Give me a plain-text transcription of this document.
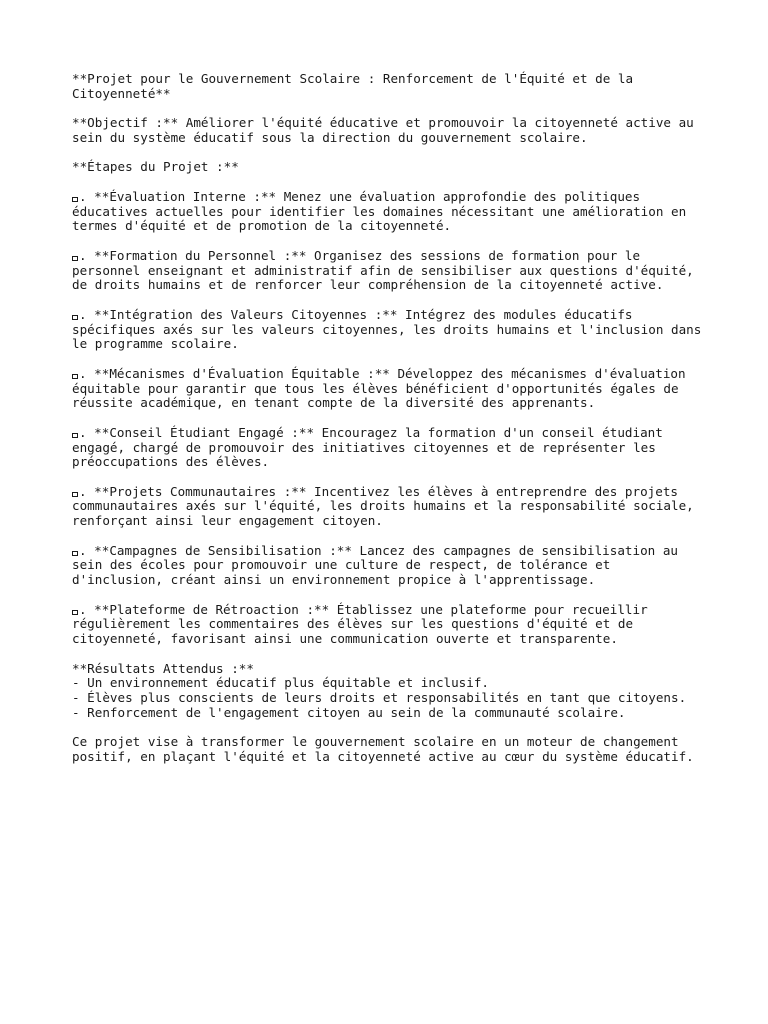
**Projet pour le Gouvernement Scolaire : Renforcement de l'Équité et de la Citoyenneté**

**Objectif :** Améliorer l'équité éducative et promouvoir la citoyenneté active au sein du système éducatif sous la direction du gouvernement scolaire.

**Étapes du Projet :**

. **Évaluation Interne :** Menez une évaluation approfondie des politiques éducatives actuelles pour identifier les domaines nécessitant une amélioration en termes d'équité et de promotion de la citoyenneté.

. **Formation du Personnel :** Organisez des sessions de formation pour le personnel enseignant et administratif afin de sensibiliser aux questions d'équité, de droits humains et de renforcer leur compréhension de la citoyenneté active.

. **Intégration des Valeurs Citoyennes :** Intégrez des modules éducatifs spécifiques axés sur les valeurs citoyennes, les droits humains et l'inclusion dans le programme scolaire.

. **Mécanismes d'Évaluation Équitable :** Développez des mécanismes d'évaluation équitable pour garantir que tous les élèves bénéficient d'opportunités égales de réussite académique, en tenant compte de la diversité des apprenants.

. **Conseil Étudiant Engagé :** Encouragez la formation d'un conseil étudiant engagé, chargé de promouvoir des initiatives citoyennes et de représenter les préoccupations des élèves.

. **Projets Communautaires :** Incentivez les élèves à entreprendre des projets communautaires axés sur l'équité, les droits humains et la responsabilité sociale, renforçant ainsi leur engagement citoyen.

. **Campagnes de Sensibilisation :** Lancez des campagnes de sensibilisation au sein des écoles pour promouvoir une culture de respect, de tolérance et d'inclusion, créant ainsi un environnement propice à l'apprentissage.

. **Plateforme de Rétroaction :** Établissez une plateforme pour recueillir régulièrement les commentaires des élèves sur les questions d'équité et de citoyenneté, favorisant ainsi une communication ouverte et transparente.

**Résultats Attendus :**
- Un environnement éducatif plus équitable et inclusif.
- Élèves plus conscients de leurs droits et responsabilités en tant que citoyens.
- Renforcement de l'engagement citoyen au sein de la communauté scolaire.

Ce projet vise à transformer le gouvernement scolaire en un moteur de changement positif, en plaçant l'équité et la citoyenneté active au cœur du système éducatif.
